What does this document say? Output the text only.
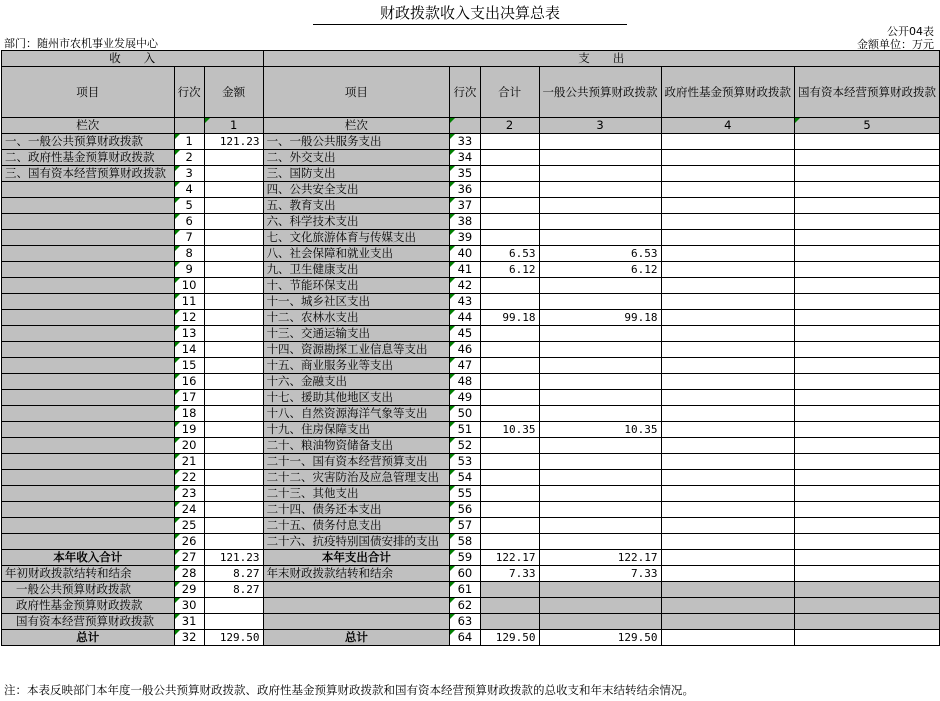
财政拨款收入支出决算总表
公开04表
金额单位：万元
部门：随州市农机事业发展中心
收　　入			支　　出					
项目	行次	金额	项目	行次	合计	一般公共预算财政拨款	政府性基金预算财政拨款	国有资本经营预算财政拨款
栏次		1	栏次		2	3	4	5
一、一般公共预算财政拨款	1	121.23	一、一般公共服务支出	33				
二、政府性基金预算财政拨款	2		二、外交支出	34				
三、国有资本经营预算财政拨款	3		三、国防支出	35				
	4		四、公共安全支出	36				
	5		五、教育支出	37				
	6		六、科学技术支出	38				
	7		七、文化旅游体育与传媒支出	39				
	8		八、社会保障和就业支出	40	6.53	6.53		
	9		九、卫生健康支出	41	6.12	6.12		
	10		十、节能环保支出	42				
	11		十一、城乡社区支出	43				
	12		十二、农林水支出	44	99.18	99.18		
	13		十三、交通运输支出	45				
	14		十四、资源勘探工业信息等支出	46				
	15		十五、商业服务业等支出	47				
	16		十六、金融支出	48				
	17		十七、援助其他地区支出	49				
	18		十八、自然资源海洋气象等支出	50				
	19		十九、住房保障支出	51	10.35	10.35		
	20		二十、粮油物资储备支出	52				
	21		二十一、国有资本经营预算支出	53				
	22		二十二、灾害防治及应急管理支出	54				
	23		二十三、其他支出	55				
	24		二十四、债务还本支出	56				
	25		二十五、债务付息支出	57				
	26		二十六、抗疫特别国债安排的支出	58				
本年收入合计	27	121.23	本年支出合计	59	122.17	122.17		
年初财政拨款结转和结余	28	8.27	年末财政拨款结转和结余	60	7.33	7.33		
一般公共预算财政拨款	29	8.27		61				
政府性基金预算财政拨款	30			62				
国有资本经营预算财政拨款	31			63				
总计	32	129.50	总计	64	129.50	129.50		
注：本表反映部门本年度一般公共预算财政拨款、政府性基金预算财政拨款和国有资本经营预算财政拨款的总收支和年末结转结余情况。
